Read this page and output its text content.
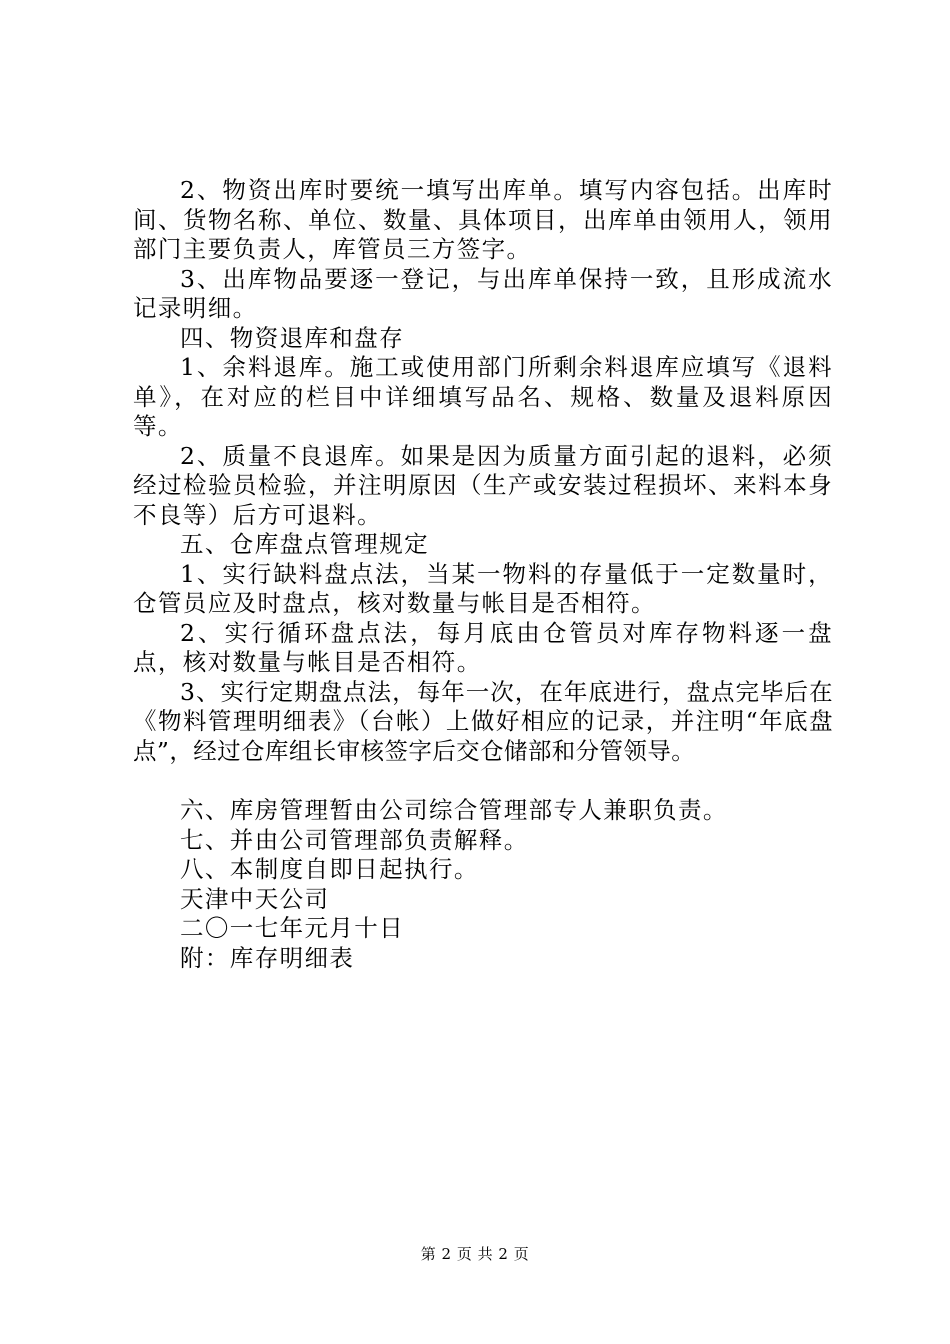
2、物资出库时要统一填写出库单。填写内容包括。出库时间、货物名称、单位、数量、具体项目，出库单由领用人，领用部门主要负责人，库管员三方签字。

3、出库物品要逐一登记，与出库单保持一致，且形成流水记录明细。

四、物资退库和盘存

1、余料退库。施工或使用部门所剩余料退库应填写《退料单》，在对应的栏目中详细填写品名、规格、数量及退料原因等。

2、质量不良退库。如果是因为质量方面引起的退料，必须经过检验员检验，并注明原因（生产或安装过程损坏、来料本身不良等）后方可退料。

五、仓库盘点管理规定

1、实行缺料盘点法，当某一物料的存量低于一定数量时，仓管员应及时盘点，核对数量与帐目是否相符。

2、实行循环盘点法，每月底由仓管员对库存物料逐一盘点，核对数量与帐目是否相符。

3、实行定期盘点法，每年一次，在年底进行，盘点完毕后在《物料管理明细表》（台帐）上做好相应的记录，并注明“年底盘点”，经过仓库组长审核签字后交仓储部和分管领导。

六、库房管理暂由公司综合管理部专人兼职负责。

七、并由公司管理部负责解释。

八、本制度自即日起执行。

天津中天公司

二〇一七年元月十日

附：库存明细表

第 2 页 共 2 页
